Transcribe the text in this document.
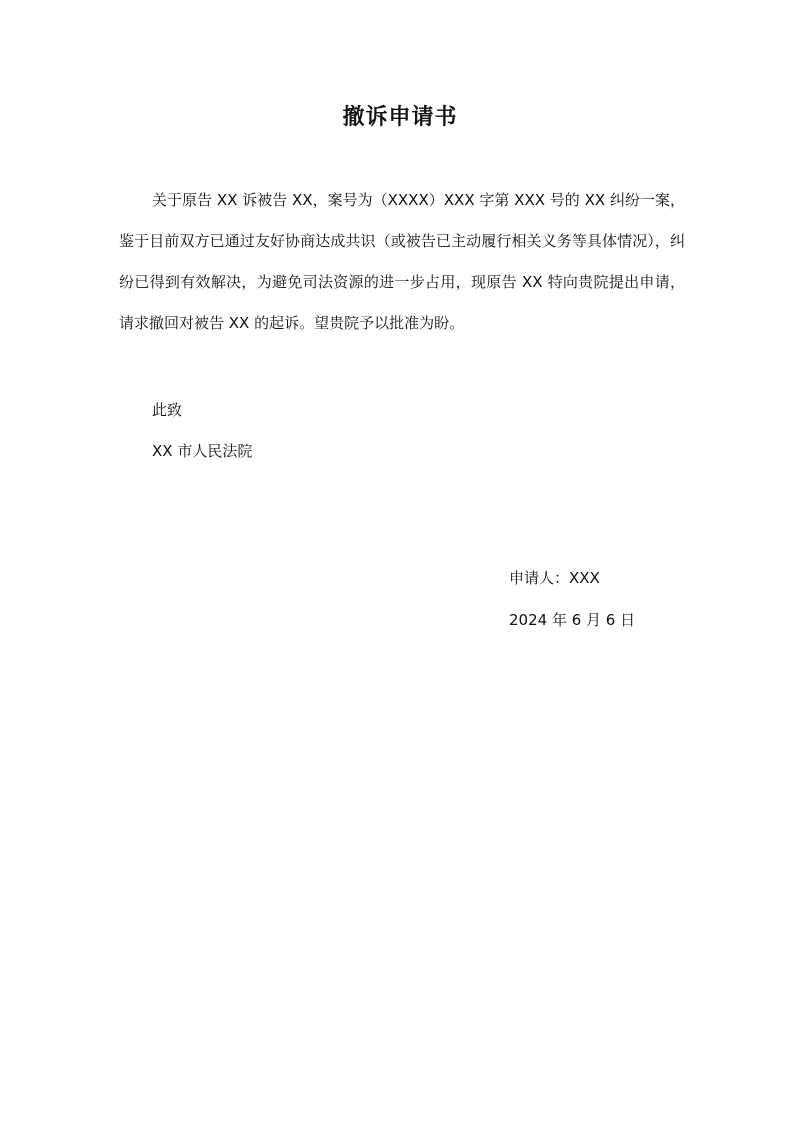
撤诉申请书

关于原告 XX 诉被告 XX，案号为（XXXX）XXX 字第 XXX 号的 XX 纠纷一案，鉴于目前双方已通过友好协商达成共识（或被告已主动履行相关义务等具体情况），纠纷已得到有效解决，为避免司法资源的进一步占用，现原告 XX 特向贵院提出申请，请求撤回对被告 XX 的起诉。望贵院予以批准为盼。

此致

XX 市人民法院

申请人：XXX

2024 年 6 月 6 日
